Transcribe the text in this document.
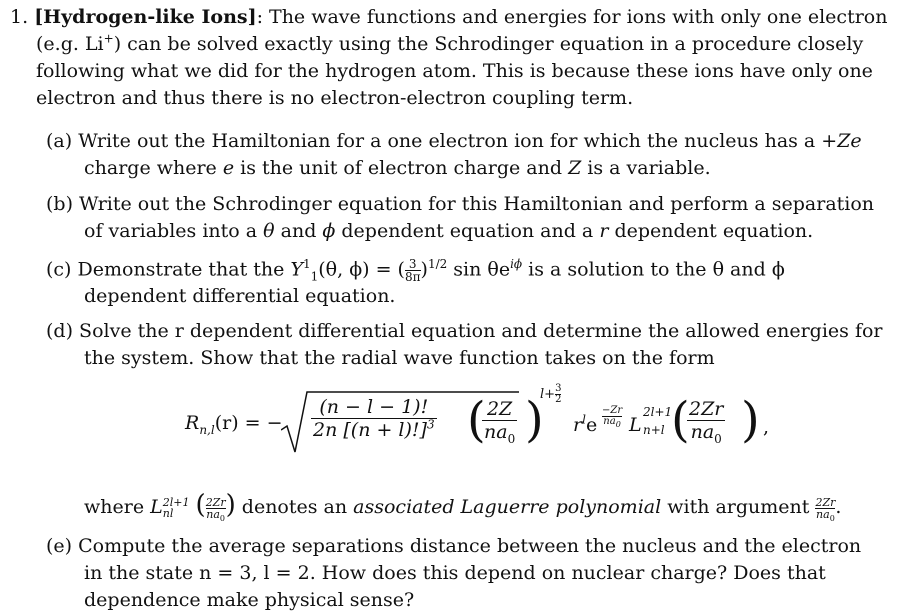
1. [Hydrogen-like Ions]: The wave functions and energies for ions with only one electron
(e.g. Li+) can be solved exactly using the Schrodinger equation in a procedure closely
following what we did for the hydrogen atom. This is because these ions have only one
electron and thus there is no electron-electron coupling term.
(a) Write out the Hamiltonian for a one electron ion for which the nucleus has a +Ze
charge where e is the unit of electron charge and Z is a variable.
(b) Write out the Schrodinger equation for this Hamiltonian and perform a separation
of variables into a θ and ϕ dependent equation and a r dependent equation.
(c) Demonstrate that the $Y^1_1(\theta$, ϕ) = ( $\frac{3}{8\pi} )^{1/2}$ $\sin \theta e^{i\phi}$ is a solution to the θ and ϕ
dependent differential equation.
(d) Solve the r dependent differential equation and determine the allowed energies for
the system. Show that the radial wave function takes on the form
$R_{n,l}(r)$ = − $\frac{(n - l - 1)!}{2n [(n + l)!]^3}$ (
$\frac{2Z}{na_0}$ )
$l+ \frac{3}{2}$
$r^le \frac{-Zr}{na_0}$ L
2l+1
n+l (
$\frac{2Zr}{na_0}$ ) ,
where L 2l+1
nl ( $\frac{2Zr}{na_0}$ ) denotes an associated Laguerre polynomial with argument $\frac{2Zr}{na_0}$ .
(e) Compute the average separations distance between the nucleus and the electron
in the state n = 3, l = 2. How does this depend on nuclear charge? Does that
dependence make physical sense?
